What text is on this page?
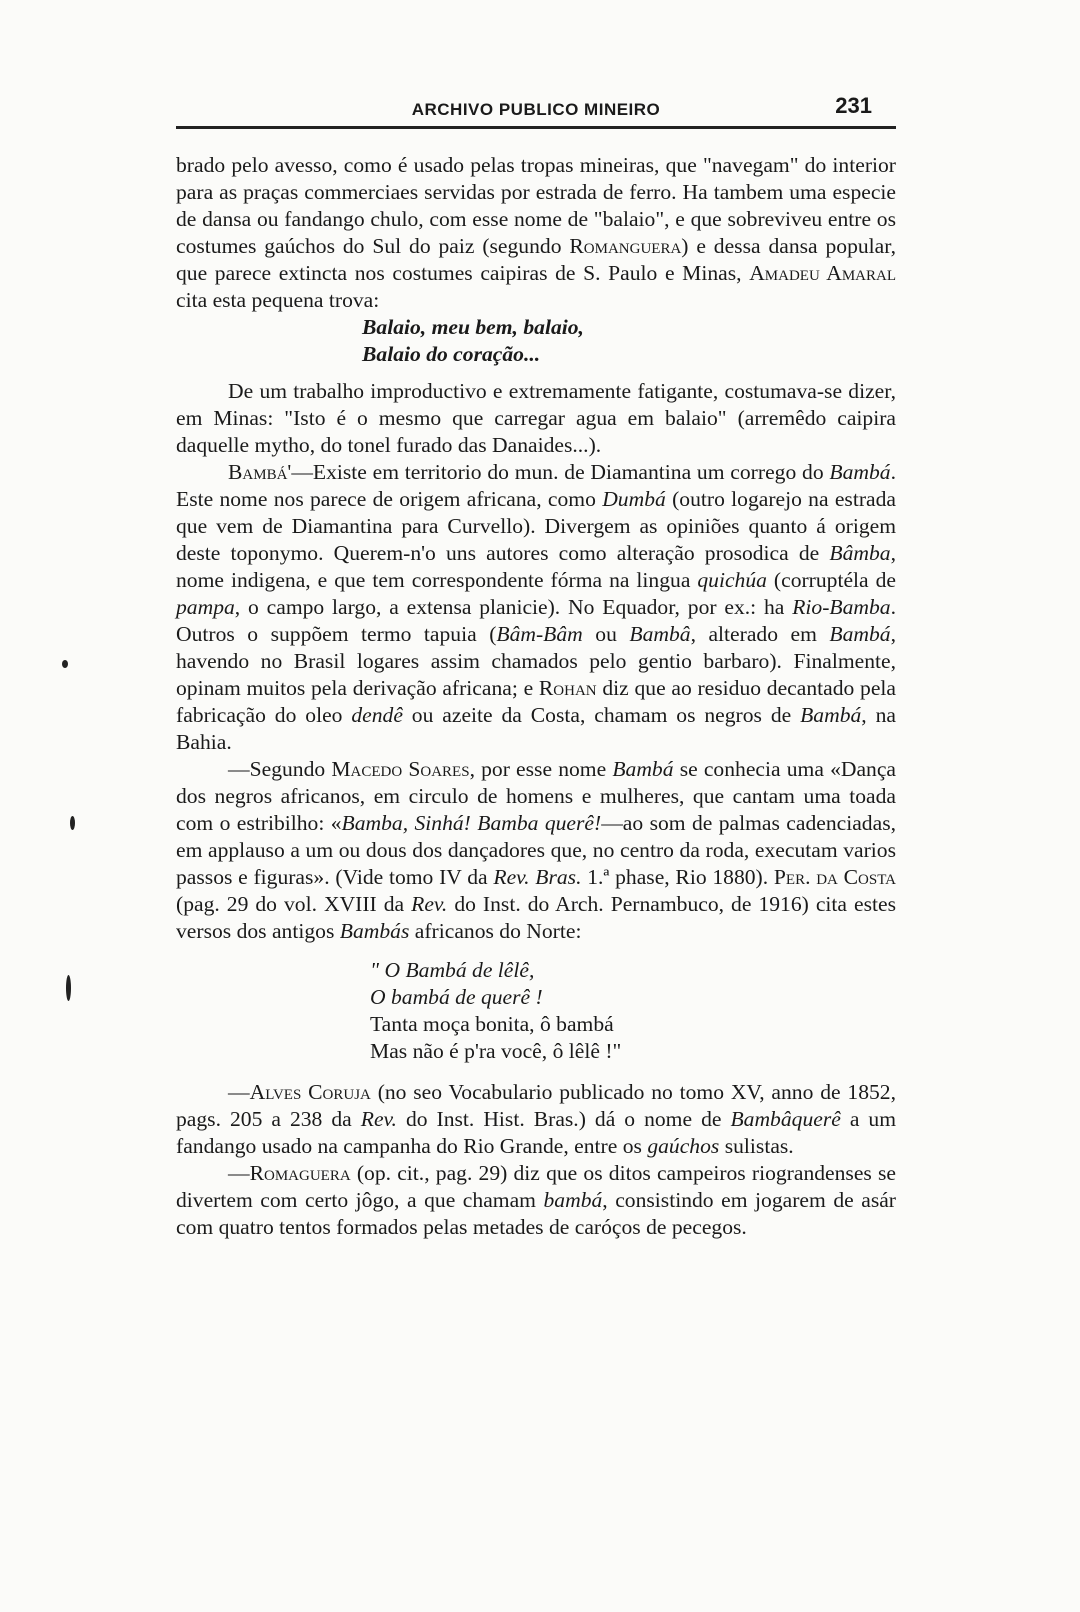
ARCHIVO PUBLICO MINEIRO	231

brado pelo avesso, como é usado pelas tropas mineiras, que "navegam" do interior para as praças commerciaes servidas por estrada de ferro. Ha tambem uma especie de dansa ou fandango chulo, com esse nome de "balaio", e que sobreviveu entre os costumes gaúchos do Sul do paiz (segundo Romanguera) e dessa dansa popular, que parece extincta nos costumes caipiras de S. Paulo e Minas, Amadeu Amaral cita esta pequena trova:

Balaio, meu bem, balaio,
Balaio do coração...

De um trabalho improductivo e extremamente fatigante, costumava-se dizer, em Minas: "Isto é o mesmo que carregar agua em balaio" (arremêdo caipira daquelle mytho, do tonel furado das Danaides...).

Bambá'—Existe em territorio do mun. de Diamantina um corrego do Bambá. Este nome nos parece de origem africana, como Dumbá (outro logarejo na estrada que vem de Diamantina para Curvello). Divergem as opiniões quanto á origem deste toponymo. Querem-n'o uns autores como alteração prosodica de Bâmba, nome indigena, e que tem correspondente fórma na lingua quichúa (corruptéla de pampa, o campo largo, a extensa planicie). No Equador, por ex.: ha Rio-Bamba. Outros o suppõem termo tapuia (Bâm-Bâm ou Bambâ, alterado em Bambá, havendo no Brasil logares assim chamados pelo gentio barbaro). Finalmente, opinam muitos pela derivação africana; e Rohan diz que ao residuo decantado pela fabricação do oleo dendê ou azeite da Costa, chamam os negros de Bambá, na Bahia.

—Segundo Macedo Soares, por esse nome Bambá se conhecia uma «Dança dos negros africanos, em circulo de homens e mulheres, que cantam uma toada com o estribilho: «Bamba, Sinhá! Bamba querê!—ao som de palmas cadenciadas, em applauso a um ou dous dos dançadores que, no centro da roda, executam varios passos e figuras». (Vide tomo IV da Rev. Bras. 1.ª phase, Rio 1880). Per. da Costa (pag. 29 do vol. XVIII da Rev. do Inst. do Arch. Pernambuco, de 1916) cita estes versos dos antigos Bambás africanos do Norte:

" O Bambá de lêlê,
O bambá de querê !
Tanta moça bonita, ô bambá
Mas não é p'ra você, ô lêlê !"

—Alves Coruja (no seo Vocabulario publicado no tomo XV, anno de 1852, pags. 205 a 238 da Rev. do Inst. Hist. Bras.) dá o nome de Bambâquerê a um fandango usado na campanha do Rio Grande, entre os gaúchos sulistas.

—Romaguera (op. cit., pag. 29) diz que os ditos campeiros riograndenses se divertem com certo jôgo, a que chamam bambá, consistindo em jogarem de asár com quatro tentos formados pelas metades de caróços de pecegos.
